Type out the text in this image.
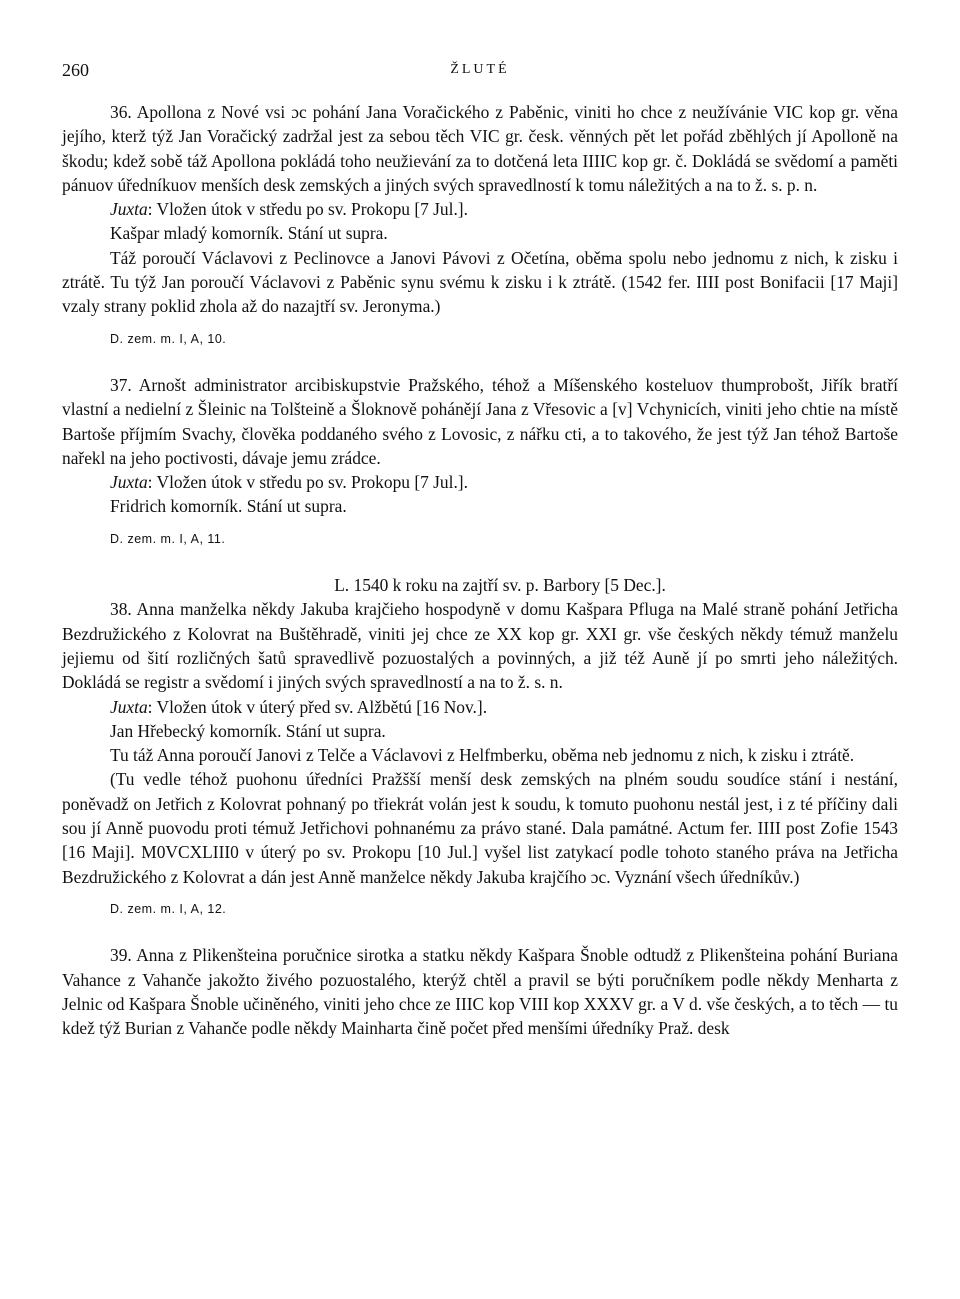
260	ŽLUTÉ

36. Apollona z Nové vsi ɔc pohání Jana Voračického z Paběnic, viniti ho chce z neužívánie VIC kop gr. věna jejího, kterž týž Jan Voračický zadržal jest za sebou těch VIC gr. česk. věnných pět let pořád zběhlých jí Apolloně na škodu; kdež sobě táž Apollona pokládá toho neužievání za to dotčená leta IIIIC kop gr. č. Dokládá se svědomí a paměti pánuov úředníkuov menších desk zemských a jiných svých spravedlností k tomu náležitých a na to ž. s. p. n.

Juxta: Vložen útok v středu po sv. Prokopu [7 Jul.].

Kašpar mladý komorník. Stání ut supra.

Táž poroučí Václavovi z Peclinovce a Janovi Pávovi z Očetína, oběma spolu nebo jednomu z nich, k zisku i ztrátě. Tu týž Jan poroučí Václavovi z Paběnic synu svému k zisku i k ztrátě. (1542 fer. IIII post Bonifacii [17 Maji] vzaly strany poklid zhola až do nazajtří sv. Jeronyma.)

D. zem. m. I, A, 10.

37. Arnošt administrator arcibiskupstvie Pražského, téhož a Míšenského kosteluov thumprobošt, Jiřík bratří vlastní a nedielní z Šleinic na Tolšteině a Šloknově pohánějí Jana z Vřesovic a [v] Vchynicích, viniti jeho chtie na místě Bartoše příjmím Svachy, člověka poddaného svého z Lovosic, z nářku cti, a to takového, že jest týž Jan téhož Bartoše nařekl na jeho poctivosti, dávaje jemu zrádce.

Juxta: Vložen útok v středu po sv. Prokopu [7 Jul.].

Fridrich komorník. Stání ut supra.

D. zem. m. I, A, 11.

L. 1540 k roku na zajtří sv. p. Barbory [5 Dec.].

38. Anna manželka někdy Jakuba krajčieho hospodyně v domu Kašpara Pfluga na Malé straně pohání Jetřicha Bezdružického z Kolovrat na Buštěhradě, viniti jej chce ze XX kop gr. XXI gr. vše českých někdy témuž manželu jejiemu od šití rozličných šatů spravedlivě pozuostalých a povinných, a již též Auně jí po smrti jeho náležitých. Dokládá se registr a svědomí i jiných svých spravedlností a na to ž. s. n.

Juxta: Vložen útok v úterý před sv. Alžbětú [16 Nov.].

Jan Hřebecký komorník. Stání ut supra.

Tu táž Anna poroučí Janovi z Telče a Václavovi z Helfmberku, oběma neb jednomu z nich, k zisku i ztrátě.

(Tu vedle téhož puohonu úředníci Pražšší menší desk zemských na plném soudu soudíce stání i nestání, poněvadž on Jetřich z Kolovrat pohnaný po třiekrát volán jest k soudu, k tomuto puohonu nestál jest, i z té příčiny dali sou jí Anně puovodu proti témuž Jetřichovi pohnanému za právo stané. Dala památné. Actum fer. IIII post Zofie 1543 [16 Maji]. M0VCXLIII0 v úterý po sv. Prokopu [10 Jul.] vyšel list zatykací podle tohoto staného práva na Jetřicha Bezdružického z Kolovrat a dán jest Anně manželce někdy Jakuba krajčího ɔc. Vyznání všech úředníkův.)

D. zem. m. I, A, 12.

39. Anna z Plikenšteina poručnice sirotka a statku někdy Kašpara Šnoble odtudž z Plikenšteina pohání Buriana Vahance z Vahanče jakožto živého pozuostalého, kterýž chtěl a pravil se býti poručníkem podle někdy Menharta z Jelnic od Kašpara Šnoble učiněného, viniti jeho chce ze IIIC kop VIII kop XXXV gr. a V d. vše českých, a to těch — tu kdež týž Burian z Vahanče podle někdy Mainharta čině počet před menšími úředníky Praž. desk
